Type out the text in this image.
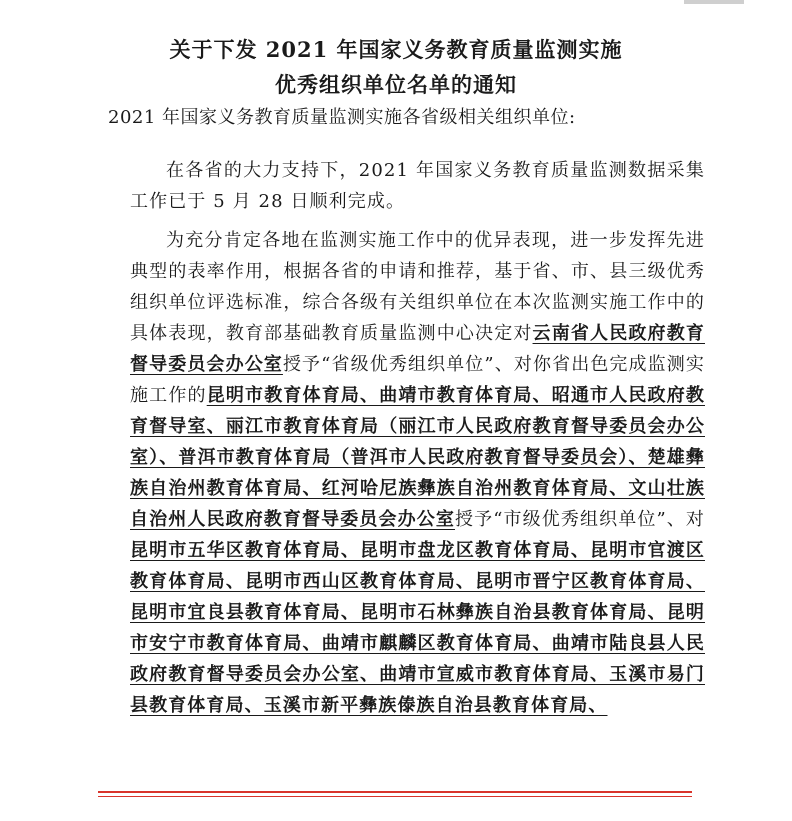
关于下发 2021 年国家义务教育质量监测实施
优秀组织单位名单的通知
2021 年国家义务教育质量监测实施各省级相关组织单位:

在各省的大力支持下，2021 年国家义务教育质量监测数据采集工作已于 5 月 28 日顺利完成。

为充分肯定各地在监测实施工作中的优异表现，进一步发挥先进典型的表率作用，根据各省的申请和推荐，基于省、市、县三级优秀组织单位评选标准，综合各级有关组织单位在本次监测实施工作中的具体表现，教育部基础教育质量监测中心决定对云南省人民政府教育督导委员会办公室授予“省级优秀组织单位”、对你省出色完成监测实施工作的昆明市教育体育局、曲靖市教育体育局、昭通市人民政府教育督导室、丽江市教育体育局（丽江市人民政府教育督导委员会办公室）、普洱市教育体育局（普洱市人民政府教育督导委员会）、楚雄彝族自治州教育体育局、红河哈尼族彝族自治州教育体育局、文山壮族自治州人民政府教育督导委员会办公室授予“市级优秀组织单位”、对昆明市五华区教育体育局、昆明市盘龙区教育体育局、昆明市官渡区教育体育局、昆明市西山区教育体育局、昆明市晋宁区教育体育局、昆明市宜良县教育体育局、昆明市石林彝族自治县教育体育局、昆明市安宁市教育体育局、曲靖市麒麟区教育体育局、曲靖市陆良县人民政府教育督导委员会办公室、曲靖市宣威市教育体育局、玉溪市易门县教育体育局、玉溪市新平彝族傣族自治县教育体育局、
